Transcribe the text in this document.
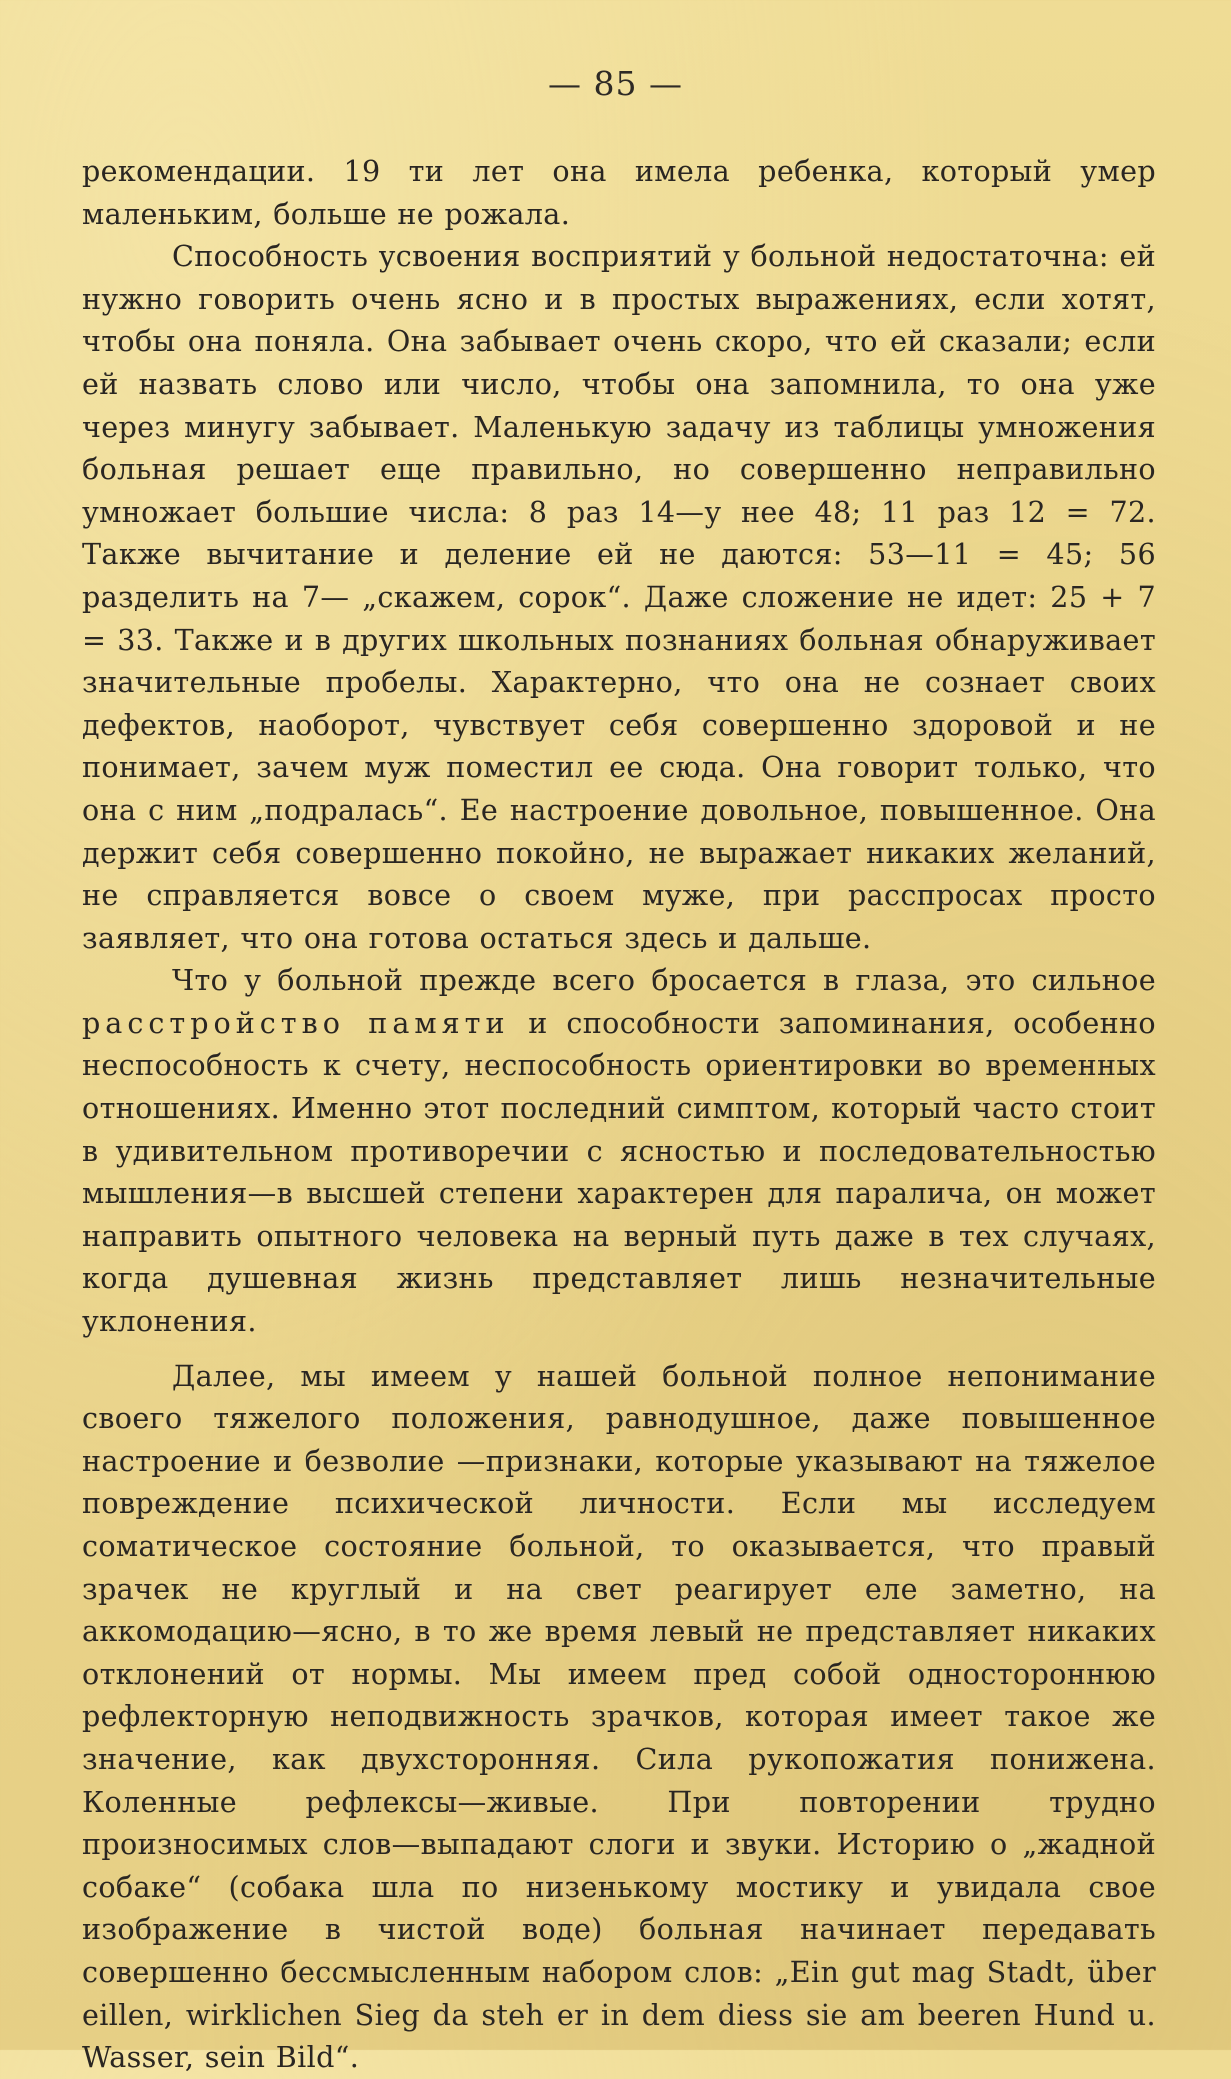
— 85 —

рекомендации. 19 ти лет она имела ребенка, который умер маленьким, больше не рожала.

Способность усвоения восприятий у больной недостаточна: ей нужно говорить очень ясно и в простых выражениях, если хотят, чтобы она поняла. Она забывает очень скоро, что ей сказали; если ей назвать слово или число, чтобы она запомнила, то она уже через минугу забывает. Маленькую задачу из таблицы умножения больная решает еще правильно, но совершенно неправильно умножает большие числа: 8 раз 14—у нее 48; 11 раз 12 = 72. Также вычитание и деление ей не даются: 53—11 = 45; 56 разделить на 7— „скажем, сорок“. Даже сложение не идет: 25 + 7 = 33. Также и в других школьных познаниях больная обнаруживает значительные пробелы. Характерно, что она не сознает своих дефектов, наоборот, чувствует себя совершенно здоровой и не понимает, зачем муж поместил ее сюда. Она говорит только, что она с ним „подралась“. Ее настроение довольное, повышенное. Она держит себя совершенно покойно, не выражает никаких желаний, не справляется вовсе о своем муже, при расспросах просто заявляет, что она готова остаться здесь и дальше.

Что у больной прежде всего бросается в глаза, это сильное расстройство памяти и способности запоминания, особенно неспособность к счету, неспособность ориентировки во временных отношениях. Именно этот последний симптом, который часто стоит в удивительном противоречии с ясностью и последовательностью мышления—в высшей степени характерен для паралича, он может направить опытного человека на верный путь даже в тех случаях, когда душевная жизнь представляет лишь незначительные уклонения.

Далее, мы имеем у нашей больной полное непонимание своего тяжелого положения, равнодушное, даже повышенное настроение и безволие —признаки, которые указывают на тяжелое повреждение психической личности. Если мы исследуем соматическое состояние больной, то оказывается, что правый зрачек не круглый и на свет реагирует еле заметно, на аккомодацию—ясно, в то же время левый не представляет никаких отклонений от нормы. Мы имеем пред собой одностороннюю рефлекторную неподвижность зрачков, которая имеет такое же значение, как двухсторонняя. Сила рукопожатия понижена. Коленные рефлексы—живые. При повторении трудно произносимых слов—выпадают слоги и звуки. Историю о „жадной собаке“ (собака шла по низенькому мостику и увидала свое изображение в чистой воде) больная начинает передавать совершенно бессмысленным набором слов: „Ein gut mag Stadt, über eillen, wirklichen Sieg da steh er in dem diess sie am beeren Hund u. Wasser, sein Bild“.
